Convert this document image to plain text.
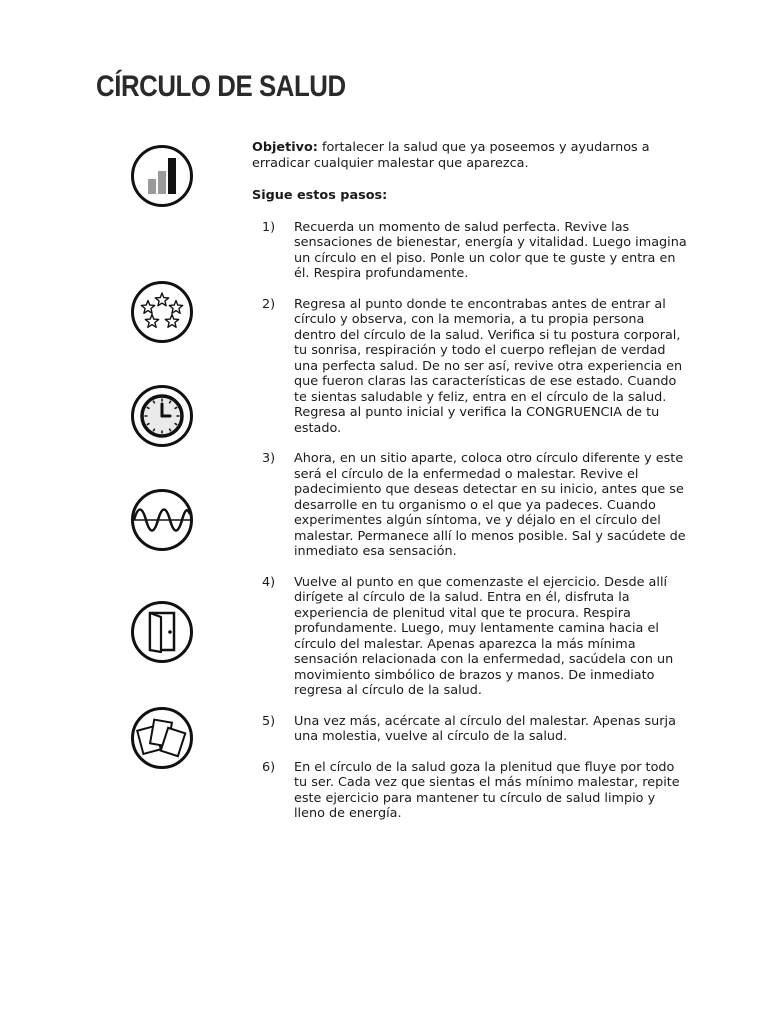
CÍRCULO DE SALUD

Objetivo: fortalecer la salud que ya poseemos y ayudarnos a erradicar cualquier malestar que aparezca.

Sigue estos pasos:

1)	Recuerda un momento de salud perfecta. Revive las sensaciones de bienestar, energía y vitalidad. Luego imagina un círculo en el piso. Ponle un color que te guste y entra en él. Respira profundamente.
2)	Regresa al punto donde te encontrabas antes de entrar al círculo y observa, con la memoria, a tu propia persona dentro del círculo de la salud. Verifica si tu postura corporal, tu sonrisa, respiración y todo el cuerpo reflejan de verdad una perfecta salud. De no ser así, revive otra experiencia en que fueron claras las características de ese estado. Cuando te sientas saludable y feliz, entra en el círculo de la salud. Regresa al punto inicial y verifica la CONGRUENCIA de tu estado.
3)	Ahora, en un sitio aparte, coloca otro círculo diferente y este será el círculo de la enfermedad o malestar. Revive el padecimiento que deseas detectar en su inicio, antes que se desarrolle en tu organismo o el que ya padeces. Cuando experimentes algún síntoma, ve y déjalo en el círculo del malestar. Permanece allí lo menos posible. Sal y sacúdete de inmediato esa sensación.
4)	Vuelve al punto en que comenzaste el ejercicio. Desde allí dirígete al círculo de la salud. Entra en él, disfruta la experiencia de plenitud vital que te procura. Respira profundamente. Luego, muy lentamente camina hacia el círculo del malestar. Apenas aparezca la más mínima sensación relacionada con la enfermedad, sacúdela con un movimiento simbólico de brazos y manos. De inmediato regresa al círculo de la salud.
5)	Una vez más, acércate al círculo del malestar. Apenas surja una molestia, vuelve al círculo de la salud.
6)	En el círculo de la salud goza la plenitud que fluye por todo tu ser. Cada vez que sientas el más mínimo malestar, repite este ejercicio para mantener tu círculo de salud limpio y lleno de energía.
